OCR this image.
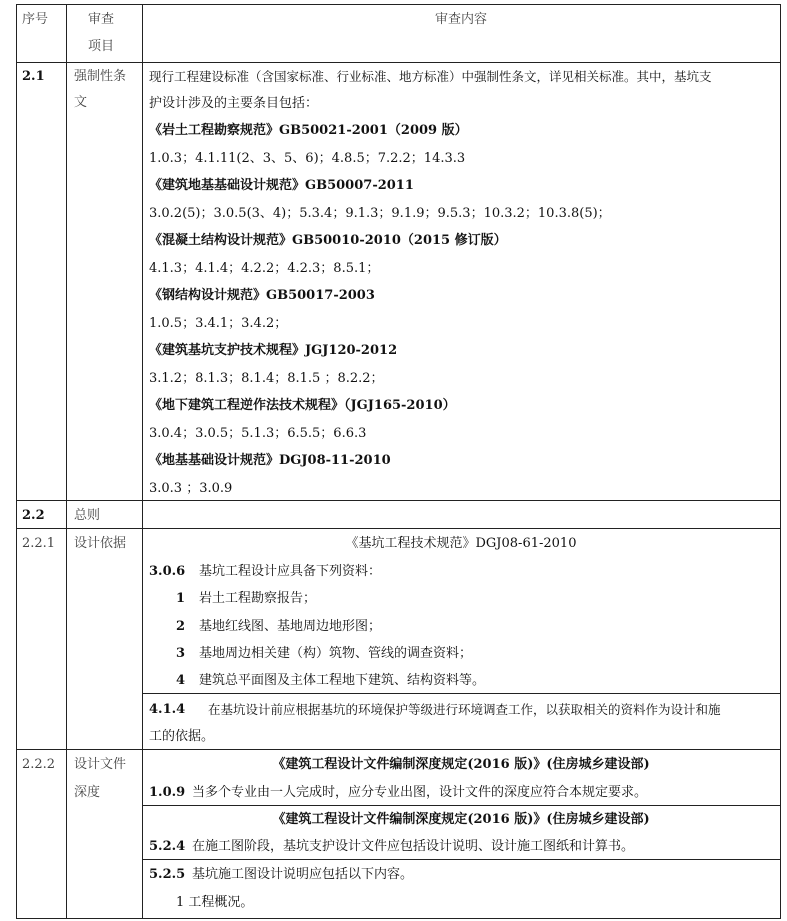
序号	审查
项目
审查内容
2.1 强制性条
文
现行工程建设标准（含国家标准、行业标准、地方标准）中强制性条文，详见相关标准。其中，基坑支
护设计涉及的主要条目包括：
《岩土工程勘察规范》GB50021-2001（2009 版）
1.0.3；4.1.11(2、3、5、6)；4.8.5；7.2.2；14.3.3
《建筑地基基础设计规范》GB50007-2011
3.0.2(5)；3.0.5(3、4)；5.3.4；9.1.3；9.1.9；9.5.3；10.3.2；10.3.8(5)；
《混凝土结构设计规范》GB50010-2010（2015 修订版）
4.1.3；4.1.4；4.2.2；4.2.3；8.5.1；
《钢结构设计规范》GB50017-2003
1.0.5；3.4.1；3.4.2；
《建筑基坑支护技术规程》JGJ120-2012
3.1.2；8.1.3；8.1.4；8.1.5 ；8.2.2；
《地下建筑工程逆作法技术规程》（JGJ165-2010）
3.0.4；3.0.5；5.1.3；6.5.5；6.6.3
《地基基础设计规范》DGJ08-11-2010
3.0.3 ；3.0.9
2.2 总则
2.2.1 设计依据	《基坑工程技术规范》DGJ08-61-2010
3.0.6 基坑工程设计应具备下列资料：
1 岩土工程勘察报告；
2 基地红线图、基地周边地形图；
3 基地周边相关建（构）筑物、管线的调查资料；
4 建筑总平面图及主体工程地下建筑、结构资料等。
4.1.4 在基坑设计前应根据基坑的环境保护等级进行环境调查工作，以获取相关的资料作为设计和施
工的依据。
2.2.2 设计文件
深度
《建筑工程设计文件编制深度规定(2016 版)》(住房城乡建设部)
1.0.9 当多个专业由一人完成时，应分专业出图，设计文件的深度应符合本规定要求。
《建筑工程设计文件编制深度规定(2016 版)》(住房城乡建设部)
5.2.4 在施工图阶段，基坑支护设计文件应包括设计说明、设计施工图纸和计算书。
5.2.5 基坑施工图设计说明应包括以下内容。
1 工程概况。
